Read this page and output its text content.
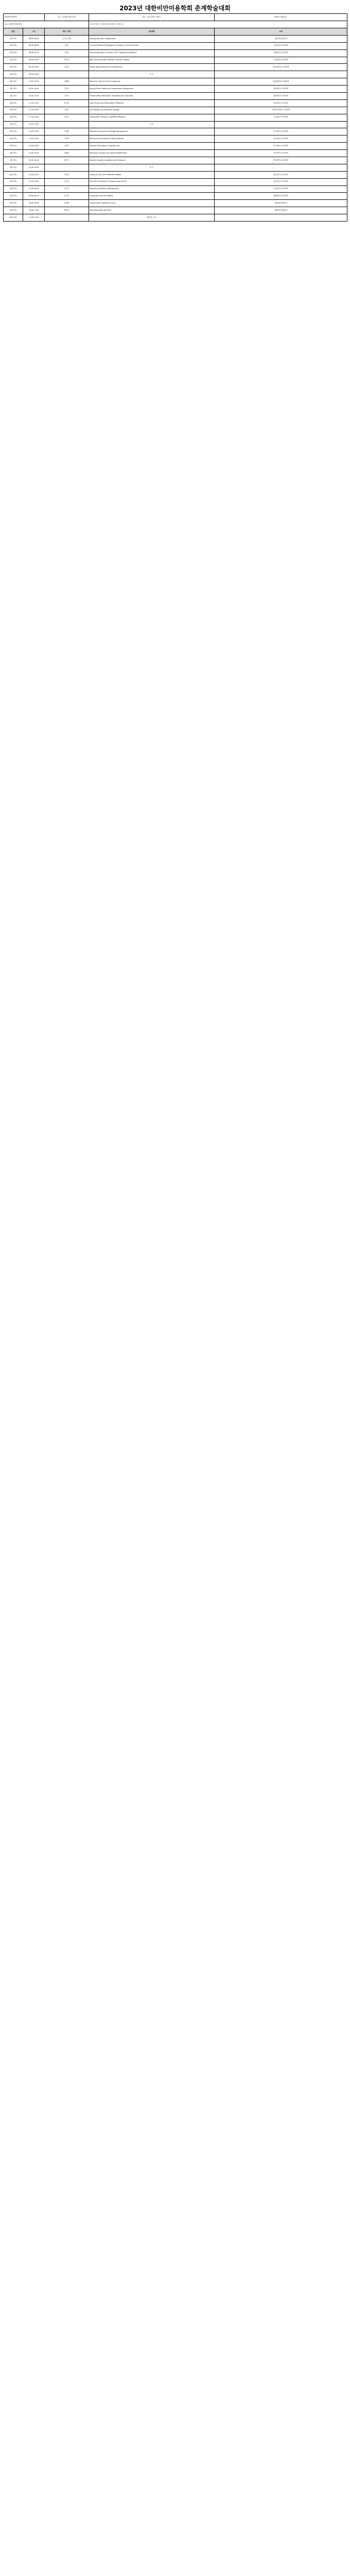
2023년 대한비만미용학회 춘계학술대회
대한비만미용학회		일시 : 2023년 4월 23일	장소 : 서울 강남구 코엑스	Hall A / Room 1
주최 : 대한비만미용학회			※ 학회 일정은 사정에 따라 변경될 수 있습니다.	
일정	시간	좌장 / 연자	강의제목	소속
4월 23일	08:00-08:30	등록 및 개회	Opening Remarks / Registration	대한비만미용학회
4월 23일	08:30-08:50	김민수	Current Treatment Strategies for Obesity in Clinical Practice	서울대학교 의과대학
4월 23일	08:50-09:10	이준호	Pharmacotherapy of Obesity: GLP-1 Agonists and Beyond	연세대학교 의과대학
4월 23일	09:10-09:30	박지현	Body Contouring with Injection Lipolysis: Update	고려대학교 의과대학
4월 23일	09:30-09:50	최윤서	Energy Based Devices for Fat Reduction	가톨릭대학교 의과대학
4월 23일	09:50-10:00		휴 식	
4월 23일	10:00-10:20	정혜린	Botulinum Toxin for Facial Contouring	성균관대학교 의과대학
4월 23일	10:20-10:40	강도윤	Dermal Fillers: Safety and Complication Management	한양대학교 의과대학
4월 23일	10:40-11:00	조은비	Thread Lifting Techniques: Indications and Outcomes	경희대학교 의과대학
4월 23일	11:00-11:20	윤서준	Laser Toning and Pigmentation Treatment	중앙대학교 의과대학
4월 23일	11:20-11:40	임하늘	Skin Booster and Hydration Therapy	이화여자대학교 의과대학
4월 23일	11:40-12:00	한지우	Combination Therapy in Aesthetic Medicine	건국대학교 의과대학
4월 23일	12:00-13:00		점 심	
4월 23일	13:00-13:20	오세훈	Metabolic Syndrome and Weight Management	아주대학교 의과대학
4월 23일	13:20-13:40	서민재	Nutritional Counseling for Obese Patients	인하대학교 의과대학
4월 23일	13:40-14:00	신예은	Exercise Prescription in Obesity Care	단국대학교 의과대학
4월 23일	14:00-14:20	권태양	Behavioral Therapy and Lifestyle Modification	부산대학교 의과대학
4월 23일	14:20-14:40	황수아	Bariatric Surgery: Indications and Follow-up	경북대학교 의과대학
4월 23일	14:40-15:00		휴 식	
4월 23일	15:00-15:20	안준영	Scalp and Hair Loss Treatment Update	전남대학교 의과대학
4월 23일	15:20-15:40	송다인	Acne Scar Treatment: Fractional Laser and RF	충남대학교 의과대학
4월 23일	15:40-16:00	유건우	Rosacea and Redness Management	조선대학교 의과대학
4월 23일	16:00-16:20	홍지민	Liposuction and Fat Grafting	원광대학교 의과대학
4월 23일	16:20-16:40	문채원	Legal Issues in Aesthetic Clinics	대한비만미용학회
4월 23일	16:40-17:00	배승현	Panel Discussion and Q&A	대한비만미용학회
4월 23일	17:00-17:20		폐회 및 시상	
